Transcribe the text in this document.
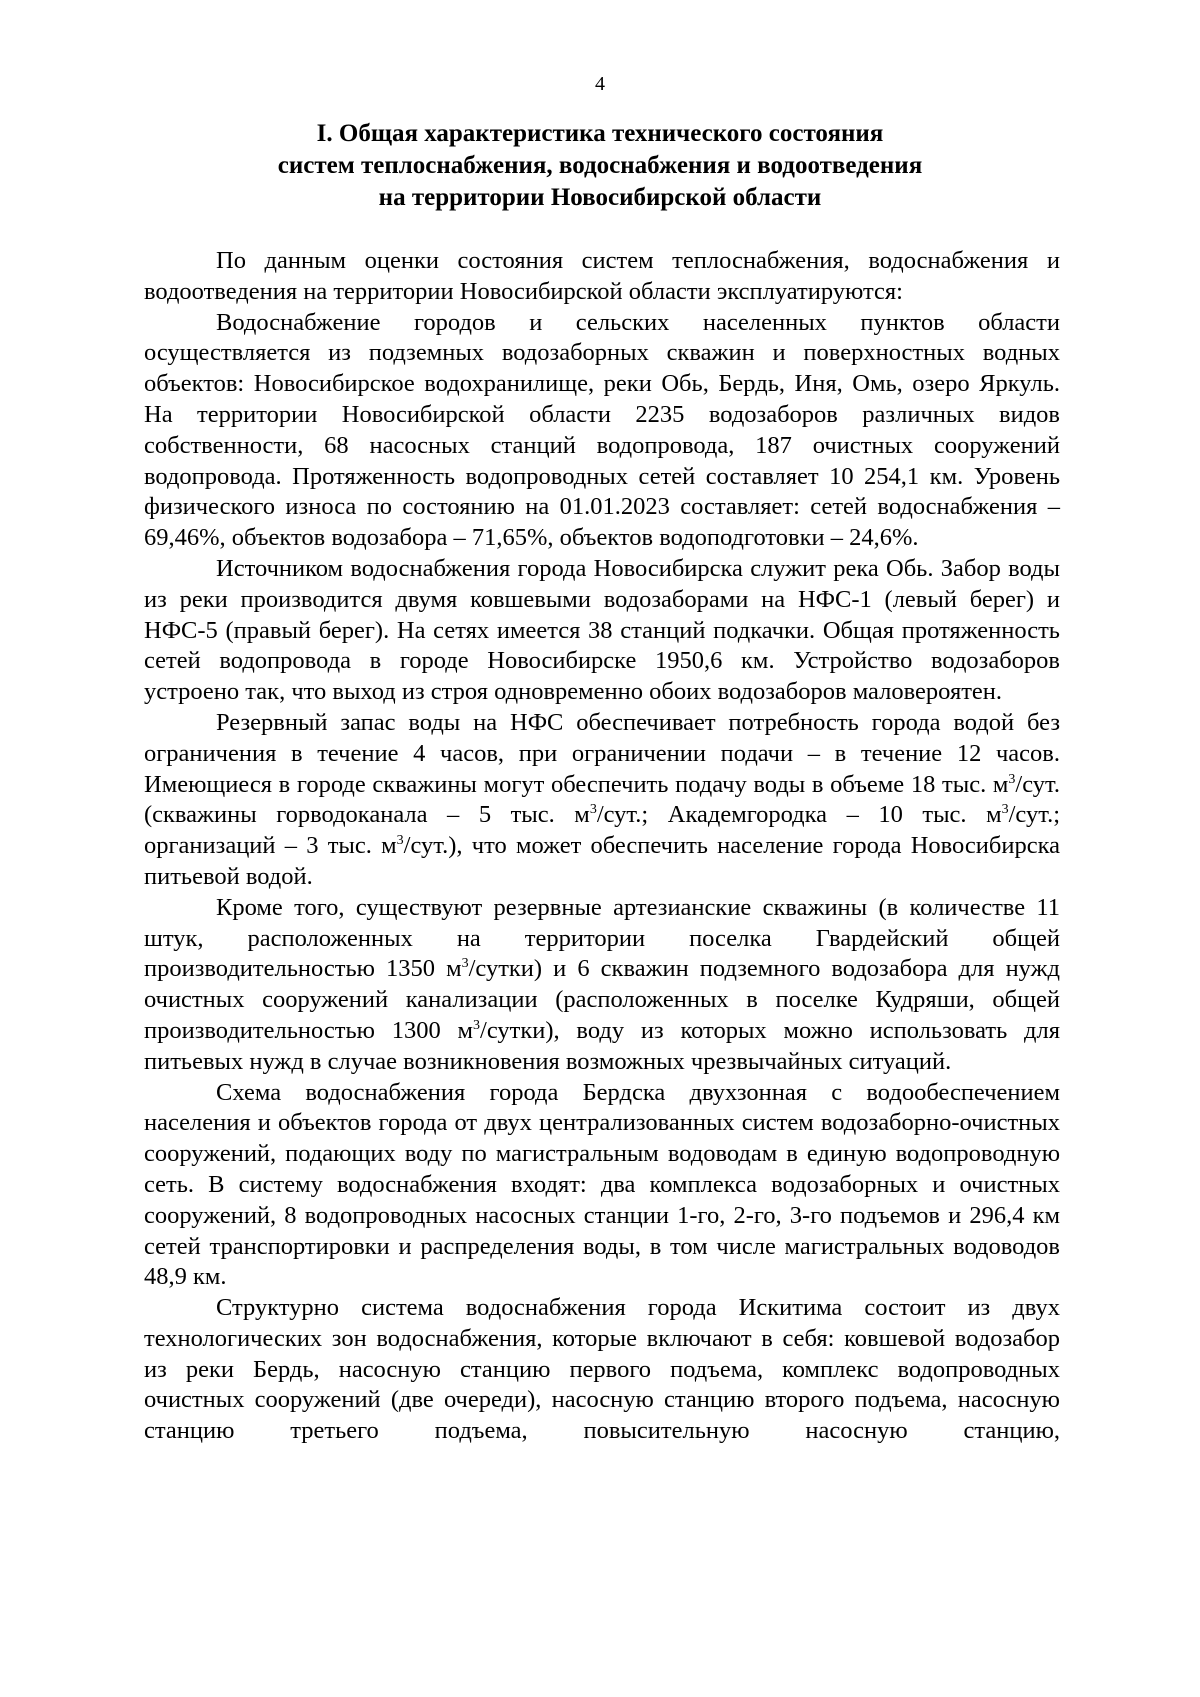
4
I. Общая характеристика технического состояния
систем теплоснабжения, водоснабжения и водоотведения
на территории Новосибирской области

По данным оценки состояния систем теплоснабжения, водоснабжения и водоотведения на территории Новосибирской области эксплуатируются:

Водоснабжение городов и сельских населенных пунктов области осуществляется из подземных водозаборных скважин и поверхностных водных объектов: Новосибирское водохранилище, реки Обь, Бердь, Иня, Омь, озеро Яркуль. На территории Новосибирской области 2235 водозаборов различных видов собственности, 68 насосных станций водопровода, 187 очистных сооружений водопровода. Протяженность водопроводных сетей составляет 10 254,1 км. Уровень физического износа по состоянию на 01.01.2023 составляет: сетей водоснабжения – 69,46%, объектов водозабора – 71,65%, объектов водоподготовки – 24,6%.

Источником водоснабжения города Новосибирска служит река Обь. Забор воды из реки производится двумя ковшевыми водозаборами на НФС-1 (левый берег) и НФС-5 (правый берег). На сетях имеется 38 станций подкачки. Общая протяженность сетей водопровода в городе Новосибирске 1950,6 км. Устройство водозаборов устроено так, что выход из строя одновременно обоих водозаборов маловероятен.

Резервный запас воды на НФС обеспечивает потребность города водой без ограничения в течение 4 часов, при ограничении подачи – в течение 12 часов. Имеющиеся в городе скважины могут обеспечить подачу воды в объеме 18 тыс. $м^3$/сут. (скважины горводоканала – 5 тыс. $м^3$/сут.; Академгородка – 10 тыс. $м^3$/сут.; организаций – 3 тыс. $м^3/сут$.), что может обеспечить население города Новосибирска питьевой водой.

Кроме того, существуют резервные артезианские скважины (в количестве 11 штук, расположенных на территории поселка Гвардейский общей производительностью 1350 $м^3/сутки$) и 6 скважин подземного водозабора для нужд очистных сооружений канализации (расположенных в поселке Кудряши, общей производительностью 1300 $м^3/сутки$), воду из которых можно использовать для питьевых нужд в случае возникновения возможных чрезвычайных ситуаций.

Схема водоснабжения города Бердска двухзонная с водообеспечением населения и объектов города от двух централизованных систем водозаборно-очистных сооружений, подающих воду по магистральным водоводам в единую водопроводную сеть. В систему водоснабжения входят: два комплекса водозаборных и очистных сооружений, 8 водопроводных насосных станции 1-го, 2-го, 3-го подъемов и 296,4 км сетей транспортировки и распределения воды, в том числе магистральных водоводов 48,9 км.

Структурно система водоснабжения города Искитима состоит из двух технологических зон водоснабжения, которые включают в себя: ковшевой водозабор из реки Бердь, насосную станцию первого подъема, комплекс водопроводных очистных сооружений (две очереди), насосную станцию второго подъема, насосную станцию третьего подъема, повысительную насосную станцию,
